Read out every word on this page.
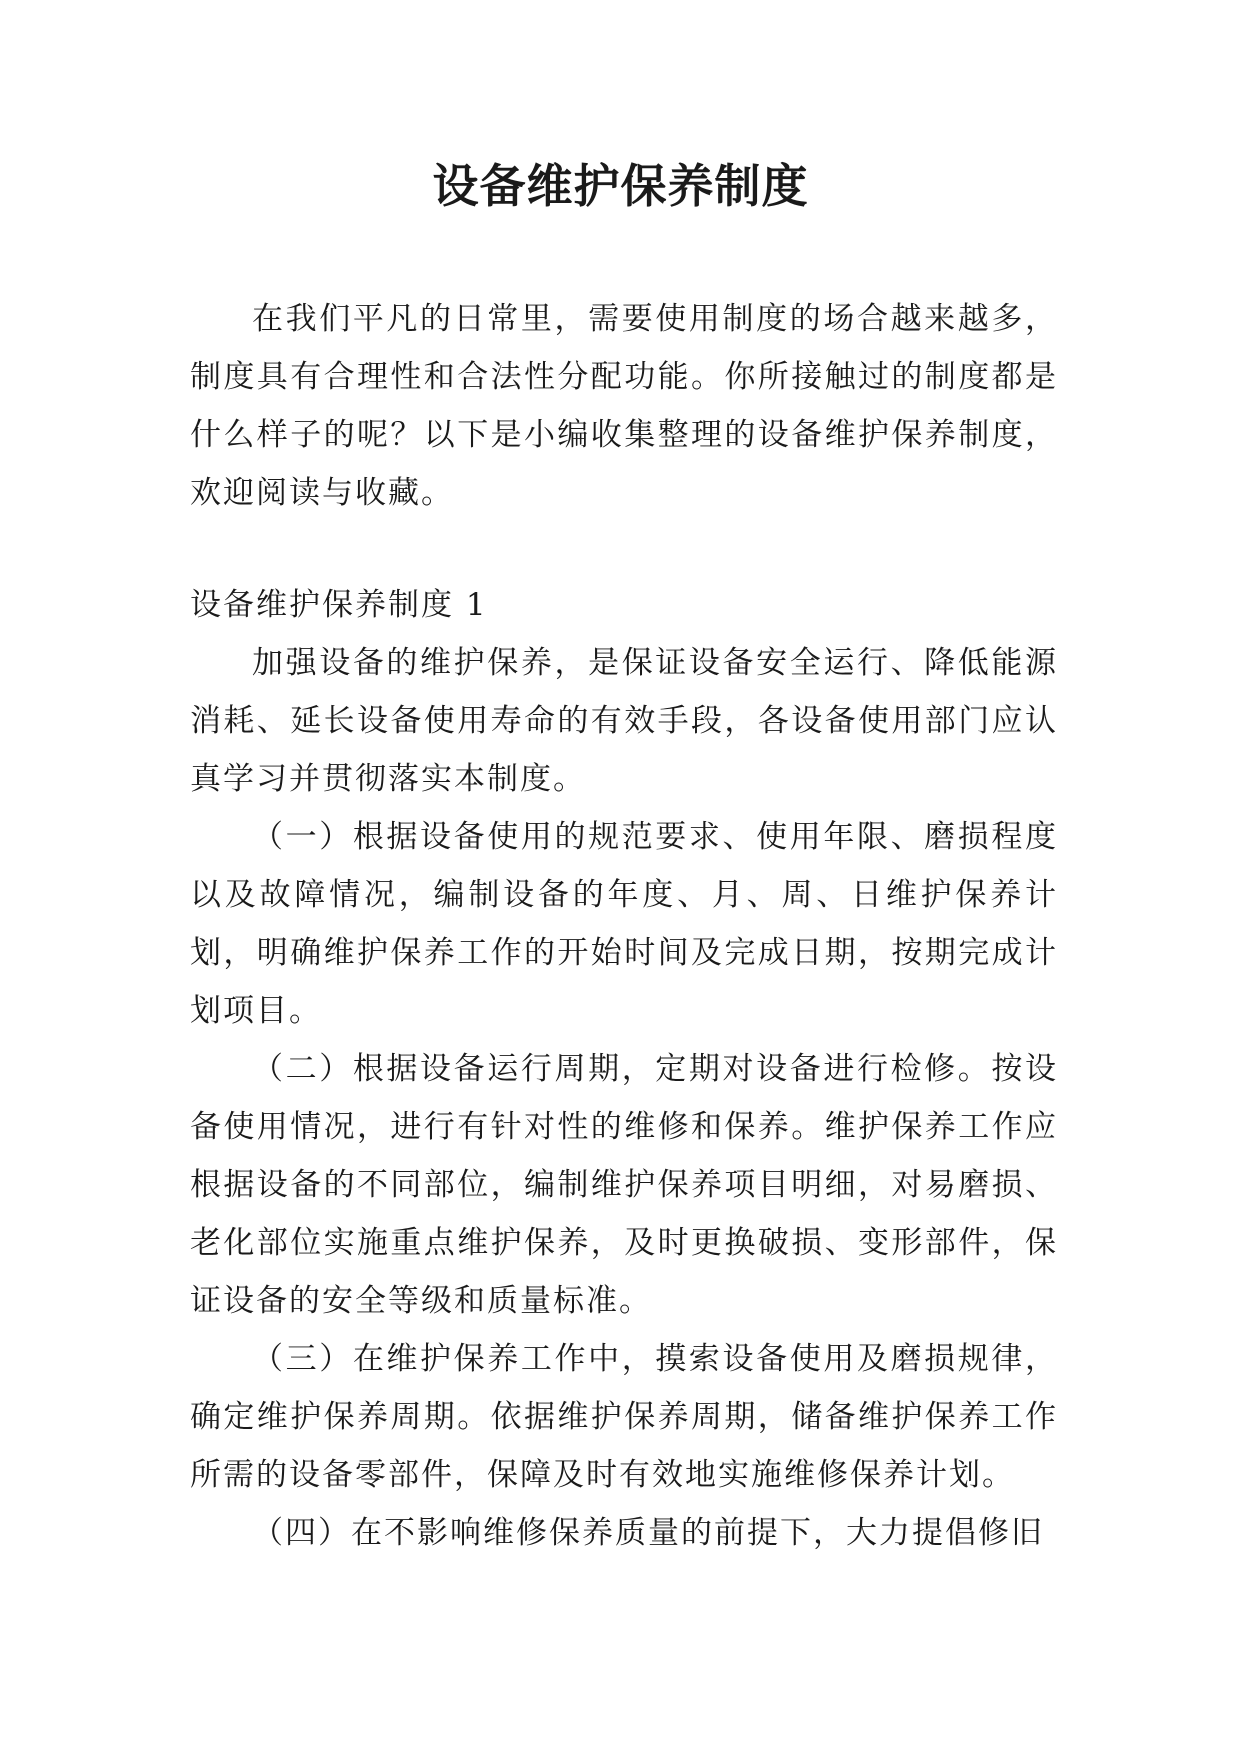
设备维护保养制度

在我们平凡的日常里，需要使用制度的场合越来越多，制度具有合理性和合法性分配功能。你所接触过的制度都是什么样子的呢？以下是小编收集整理的设备维护保养制度，欢迎阅读与收藏。

设备维护保养制度 1

加强设备的维护保养，是保证设备安全运行、降低能源消耗、延长设备使用寿命的有效手段，各设备使用部门应认真学习并贯彻落实本制度。

（一）根据设备使用的规范要求、使用年限、磨损程度以及故障情况，编制设备的年度、月、周、日维护保养计划，明确维护保养工作的开始时间及完成日期，按期完成计划项目。

（二）根据设备运行周期，定期对设备进行检修。按设备使用情况，进行有针对性的维修和保养。维护保养工作应根据设备的不同部位，编制维护保养项目明细，对易磨损、老化部位实施重点维护保养，及时更换破损、变形部件，保证设备的安全等级和质量标准。

（三）在维护保养工作中，摸索设备使用及磨损规律，确定维护保养周期。依据维护保养周期，储备维护保养工作所需的设备零部件，保障及时有效地实施维修保养计划。

（四）在不影响维修保养质量的前提下，大力提倡修旧
